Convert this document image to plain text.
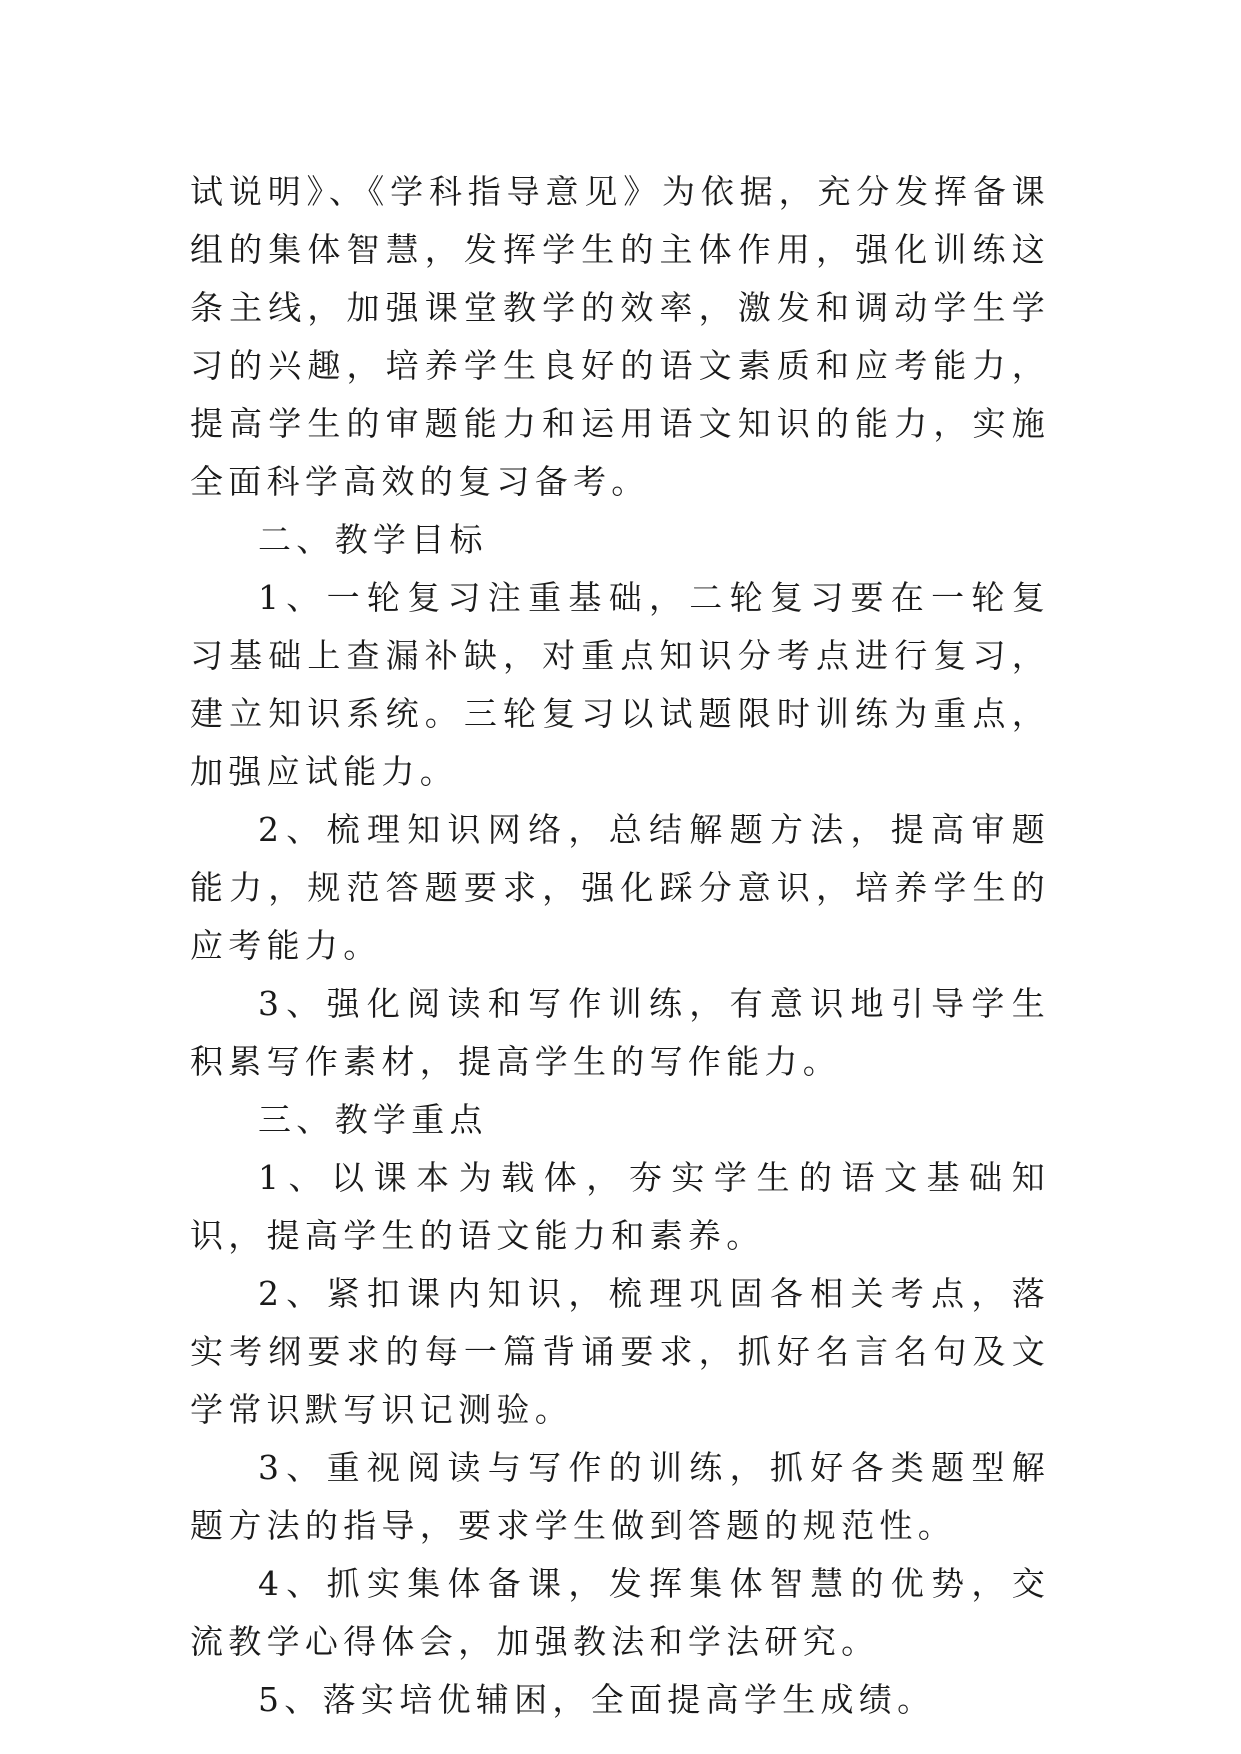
试说明》、《学科指导意见》为依据，充分发挥备课组的集体智慧，发挥学生的主体作用，强化训练这条主线，加强课堂教学的效率，激发和调动学生学习的兴趣，培养学生良好的语文素质和应考能力，提高学生的审题能力和运用语文知识的能力，实施全面科学高效的复习备考。

二、教学目标

1、一轮复习注重基础，二轮复习要在一轮复习基础上查漏补缺，对重点知识分考点进行复习，建立知识系统。三轮复习以试题限时训练为重点，加强应试能力。

2、梳理知识网络，总结解题方法，提高审题能力，规范答题要求，强化踩分意识，培养学生的应考能力。

3、强化阅读和写作训练，有意识地引导学生积累写作素材，提高学生的写作能力。

三、教学重点

1、以课本为载体，夯实学生的语文基础知识，提高学生的语文能力和素养。

2、紧扣课内知识，梳理巩固各相关考点，落实考纲要求的每一篇背诵要求，抓好名言名句及文学常识默写识记测验。

3、重视阅读与写作的训练，抓好各类题型解题方法的指导，要求学生做到答题的规范性。

4、抓实集体备课，发挥集体智慧的优势，交流教学心得体会，加强教法和学法研究。

5、落实培优辅困，全面提高学生成绩。
